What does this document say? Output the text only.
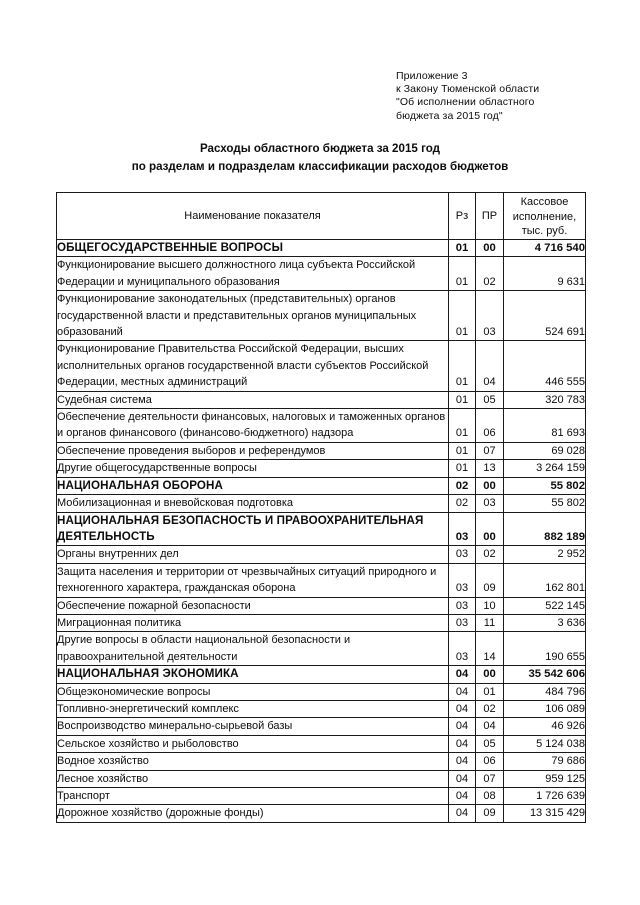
Приложение 3
к Закону Тюменской области
"Об исполнении областного
бюджета за 2015 год"
Расходы областного бюджета за 2015 год
по разделам и подразделам классификации расходов бюджетов
Наименование показателя	Рз	ПР	Кассовое
исполнение,
тыс. руб.

ОБЩЕГОСУДАРСТВЕННЫЕ ВОПРОСЫ	01	00	4 716 540
Функционирование высшего должностного лица субъекта Российской Федерации и муниципального образования	01	02	9 631
Функционирование законодательных (представительных) органов государственной власти и представительных органов муниципальных образований	01	03	524 691
Функционирование Правительства Российской Федерации, высших исполнительных органов государственной власти субъектов Российской Федерации, местных администраций	01	04	446 555
Судебная система	01	05	320 783
Обеспечение деятельности финансовых, налоговых и таможенных органов и органов финансового (финансово-бюджетного) надзора	01	06	81 693
Обеспечение проведения выборов и референдумов	01	07	69 028
Другие общегосударственные вопросы	01	13	3 264 159
НАЦИОНАЛЬНАЯ ОБОРОНА	02	00	55 802
Мобилизационная и вневойсковая подготовка	02	03	55 802
НАЦИОНАЛЬНАЯ БЕЗОПАСНОСТЬ И ПРАВООХРАНИТЕЛЬНАЯ ДЕЯТЕЛЬНОСТЬ	03	00	882 189
Органы внутренних дел	03	02	2 952
Защита населения и территории от чрезвычайных ситуаций природного и техногенного характера, гражданская оборона	03	09	162 801
Обеспечение пожарной безопасности	03	10	522 145
Миграционная политика	03	11	3 636
Другие вопросы в области национальной безопасности и правоохранительной деятельности	03	14	190 655
НАЦИОНАЛЬНАЯ ЭКОНОМИКА	04	00	35 542 606
Общеэкономические вопросы	04	01	484 796
Топливно-энергетический комплекс	04	02	106 089
Воспроизводство минерально-сырьевой базы	04	04	46 926
Сельское хозяйство и рыболовство	04	05	5 124 038
Водное хозяйство	04	06	79 686
Лесное хозяйство	04	07	959 125
Транспорт	04	08	1 726 639
Дорожное хозяйство (дорожные фонды)	04	09	13 315 429
